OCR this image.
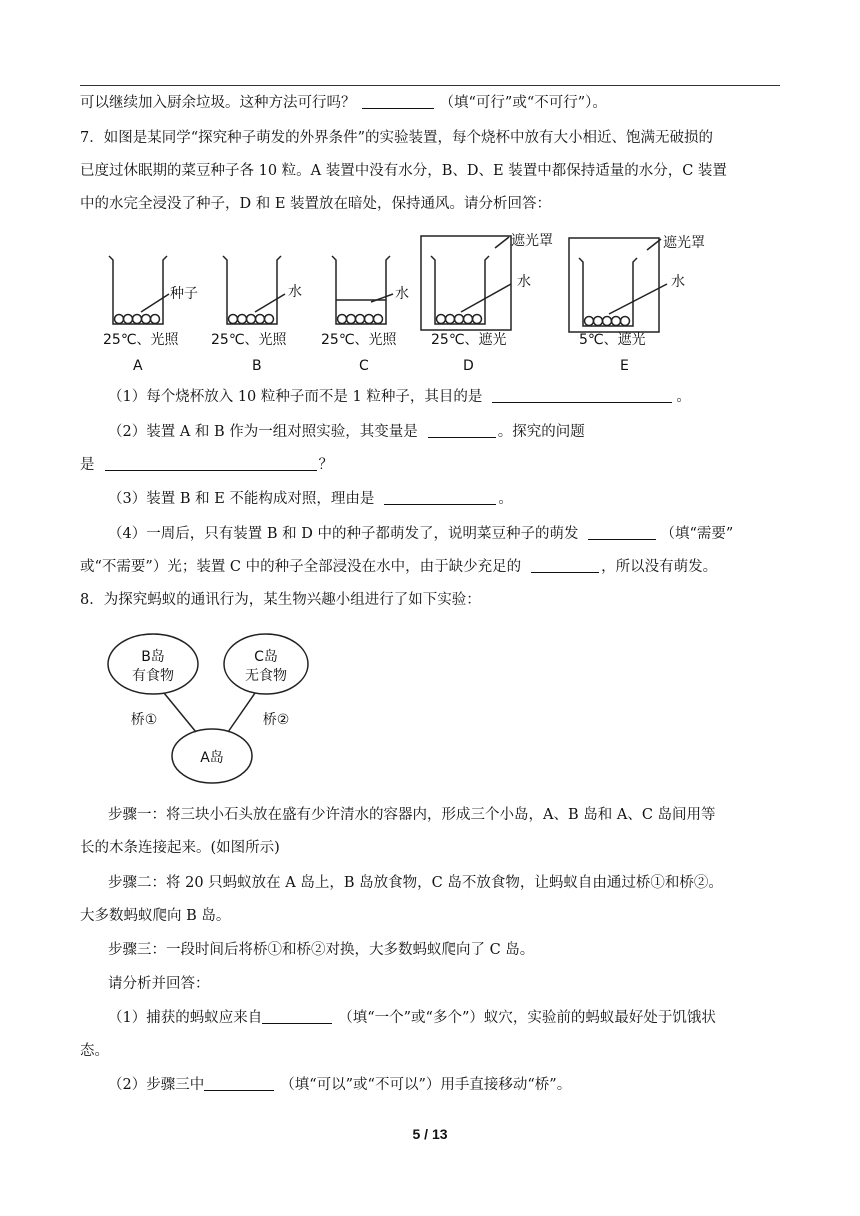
可以继续加入厨余垃圾。这种方法可行吗？	（填“可行”或“不可行”）。
7．如图是某同学“探究种子萌发的外界条件”的实验装置，每个烧杯中放有大小相近、饱满无破损的
已度过休眠期的菜豆种子各 10 粒。A 装置中没有水分，B、D、E 装置中都保持适量的水分，C 装置
中的水完全浸没了种子，D 和 E 装置放在暗处，保持通风。请分析回答：
种子	水	水
水	水
遮光罩	遮光罩
25℃、光照 25℃、光照 25℃、光照 25℃、遮光	5℃、遮光
A	B	C	D	E
（1）每个烧杯放入 10 粒种子而不是 1 粒种子，其目的是	。
（2）装置 A 和 B 作为一组对照实验，其变量是	。探究的问题
是	？
（3）装置 B 和 E 不能构成对照，理由是	。
（4）一周后，只有装置 B 和 D 中的种子都萌发了，说明菜豆种子的萌发	（填“需要”
或“不需要”）光；装置 C 中的种子全部浸没在水中，由于缺少充足的	，所以没有萌发。
8．为探究蚂蚁的通讯行为，某生物兴趣小组进行了如下实验：
B岛
有食物
C岛
无食物
A岛
桥①	桥②
步骤一：将三块小石头放在盛有少许清水的容器内，形成三个小岛，A、B 岛和 A、C 岛间用等
长的木条连接起来。(如图所示)
步骤二：将 20 只蚂蚁放在 A 岛上，B 岛放食物，C 岛不放食物，让蚂蚁自由通过桥①和桥②。
大多数蚂蚁爬向 B 岛。
步骤三：一段时间后将桥①和桥②对换，大多数蚂蚁爬向了 C 岛。
请分析并回答：
（1）捕获的蚂蚁应来自	（填“一个”或“多个”）蚁穴，实验前的蚂蚁最好处于饥饿状
态。
（2）步骤三中	（填“可以”或“不可以”）用手直接移动“桥”。
5 / 13
